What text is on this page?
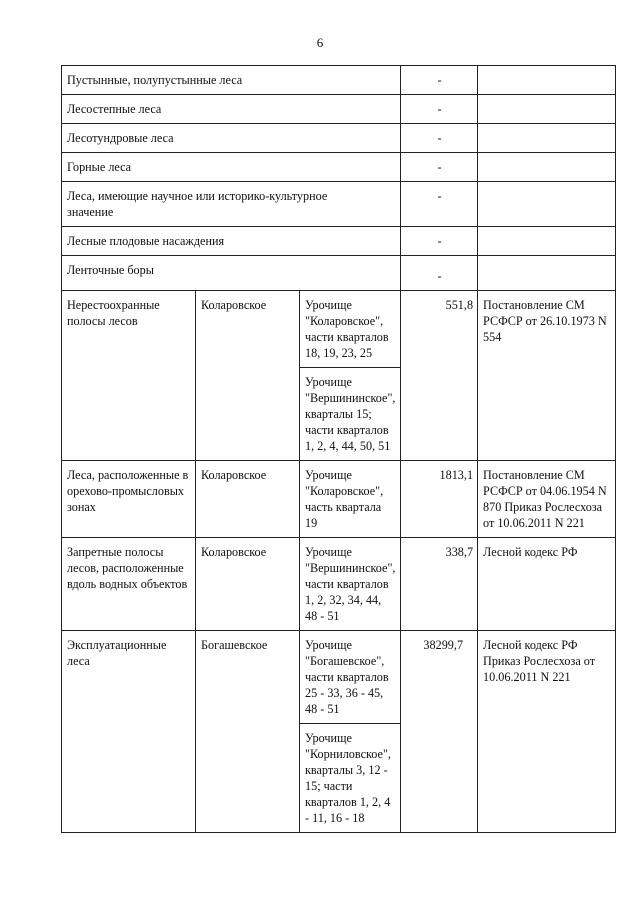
6
Пустынные, полупустынные леса			-	
Лесостепные леса			-	
Лесотундровые леса			-	
Горные леса			-	
Леса, имеющие научное или историко-культурное значение			-	
Лесные плодовые насаждения			-	
Ленточные боры			-	
Нерестоохранные полосы лесов	Коларовское	Урочище "Коларовское", части кварталов 18, 19, 23, 25	551,8	Постановление СМ РСФСР от 26.10.1973 N 554
		Урочище "Вершининское", кварталы 15; части кварталов 1, 2, 4, 44, 50, 51		
Леса, расположенные в орехово-промысловых зонах	Коларовское	Урочище "Коларовское", часть квартала 19	1813,1	Постановление СМ РСФСР от 04.06.1954 N 870 Приказ Рослесхоза от 10.06.2011 N 221
Запретные полосы лесов, расположенные вдоль водных объектов	Коларовское	Урочище "Вершининское", части кварталов 1, 2, 32, 34, 44, 48 - 51	338,7	Лесной кодекс РФ
Эксплуатационные леса	Богашевское	Урочище "Богашевское", части кварталов 25 - 33, 36 - 45, 48 - 51	38299,7	Лесной кодекс РФ Приказ Рослесхоза от 10.06.2011 N 221
		Урочище "Корниловское", кварталы 3, 12 - 15; части кварталов 1, 2, 4 - 11, 16 - 18		
